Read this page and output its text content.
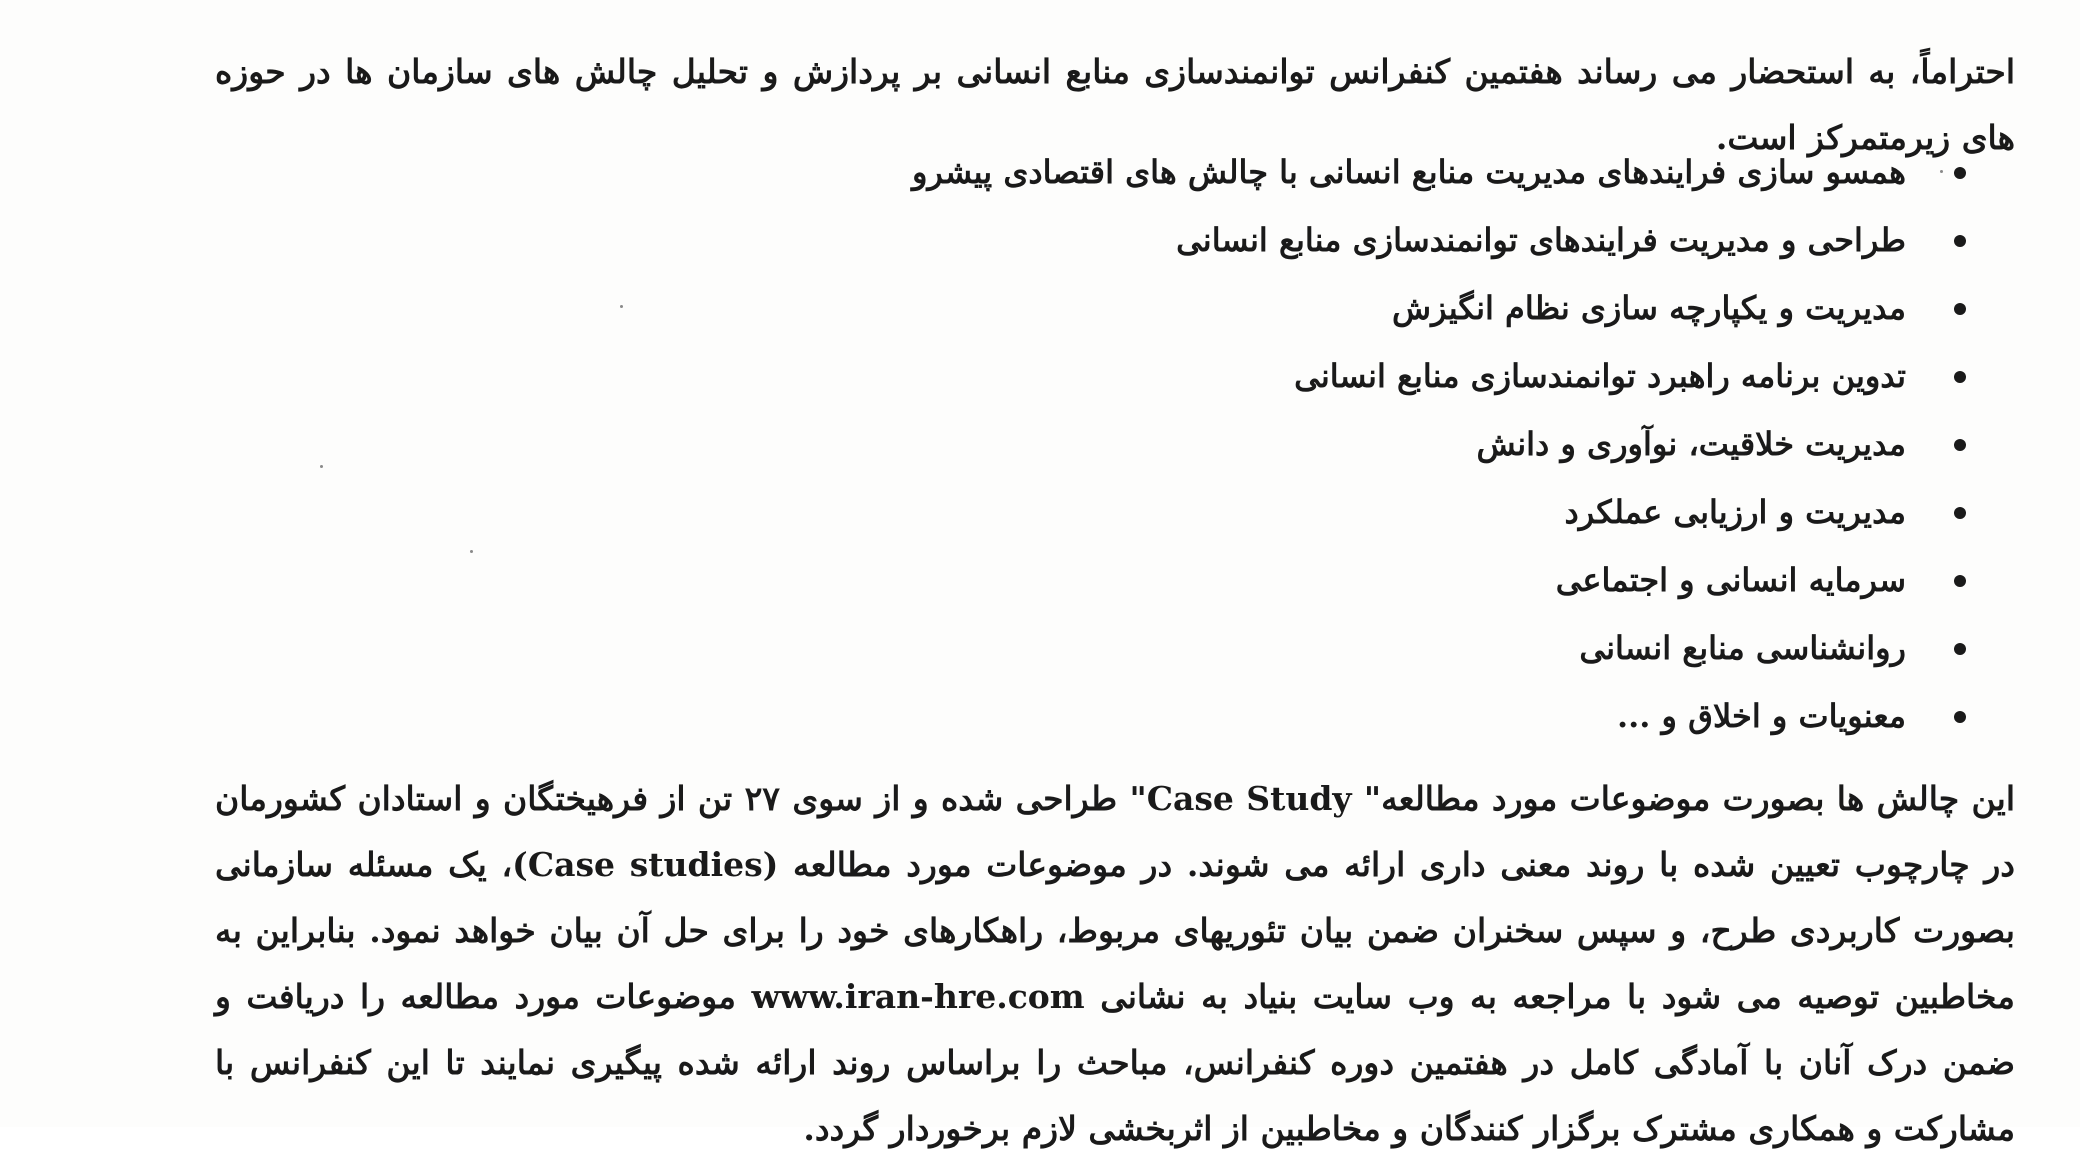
احتراماً، به استحضار می رساند هفتمین کنفرانس توانمندسازی منابع انسانی بر پردازش و تحلیل چالش های سازمان ها در حوزه های زیرمتمرکز است.

همسو سازی فرایندهای مدیریت منابع انسانی با چالش های اقتصادی پیشرو
طراحی و مدیریت فرایندهای توانمندسازی منابع انسانی
مدیریت و یکپارچه سازی نظام انگیزش
تدوین برنامه راهبرد توانمندسازی منابع انسانی
مدیریت خلاقیت، نوآوری و دانش
مدیریت و ارزیابی عملکرد
سرمایه انسانی و اجتماعی
روانشناسی منابع انسانی
معنویات و اخلاق و ...

این چالش ها بصورت موضوعات مورد مطالعه" Case Study" طراحی شده و از سوی ۲۷ تن از فرهیختگان و استادان کشورمان در چارچوب تعیین شده با روند معنی داری ارائه می شوند. در موضوعات مورد مطالعه (Case studies)، یک مسئله سازمانی بصورت کاربردی طرح، و سپس سخنران ضمن بیان تئوریهای مربوط، راهکارهای خود را برای حل آن بیان خواهد نمود. بنابراین به مخاطبین توصیه می شود با مراجعه به وب سایت بنیاد به نشانی www.iran-hre.com موضوعات مورد مطالعه را دریافت و ضمن درک آنان با آمادگی کامل در هفتمین دوره کنفرانس، مباحث را براساس روند ارائه شده پیگیری نمایند تا این کنفرانس با مشارکت و همکاری مشترک برگزار کنندگان و مخاطبین از اثربخشی لازم برخوردار گردد.
